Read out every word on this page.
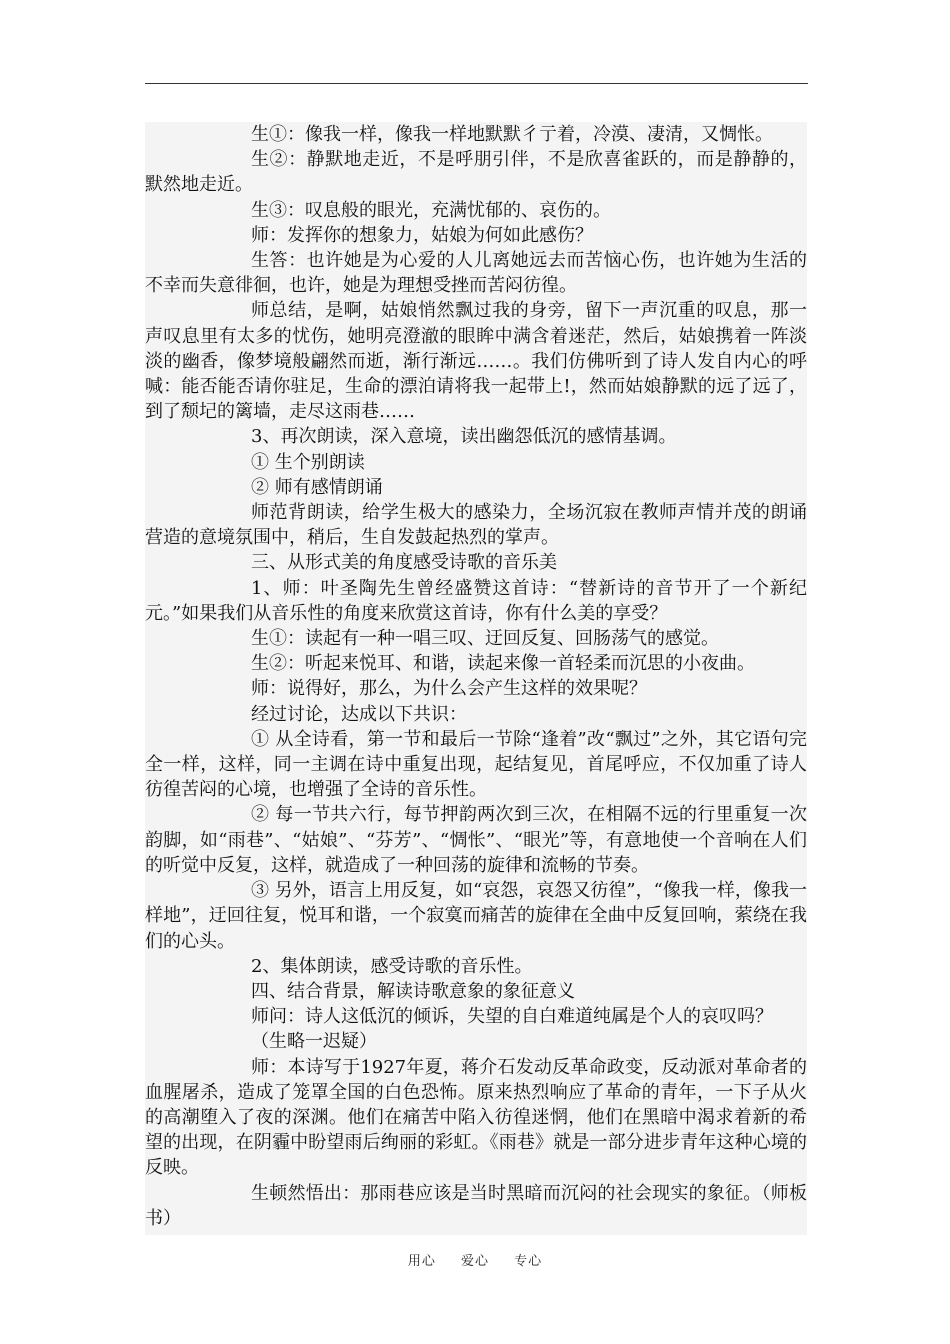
生①：像我一样，像我一样地默默彳亍着，冷漠、凄清，又惆怅。

生②：静默地走近，不是呼朋引伴，不是欣喜雀跃的，而是静静的，默然地走近。

生③：叹息般的眼光，充满忧郁的、哀伤的。

师：发挥你的想象力，姑娘为何如此感伤？

生答：也许她是为心爱的人儿离她远去而苦恼心伤，也许她为生活的不幸而失意徘徊，也许，她是为理想受挫而苦闷彷徨。

师总结，是啊，姑娘悄然飘过我的身旁，留下一声沉重的叹息，那一声叹息里有太多的忧伤，她明亮澄澈的眼眸中满含着迷茫，然后，姑娘携着一阵淡淡的幽香，像梦境般翩然而逝，渐行渐远……。我们仿佛听到了诗人发自内心的呼喊：能否能否请你驻足，生命的漂泊请将我一起带上!，然而姑娘静默的远了远了，到了颓圮的篱墙，走尽这雨巷……

3、再次朗读，深入意境，读出幽怨低沉的感情基调。

① 生个别朗读

② 师有感情朗诵

师范背朗读，给学生极大的感染力，全场沉寂在教师声情并茂的朗诵营造的意境氛围中，稍后，生自发鼓起热烈的掌声。

三、从形式美的角度感受诗歌的音乐美

1、师：叶圣陶先生曾经盛赞这首诗：“替新诗的音节开了一个新纪元。”如果我们从音乐性的角度来欣赏这首诗，你有什么美的享受？

生①：读起有一种一唱三叹、迂回反复、回肠荡气的感觉。

生②：听起来悦耳、和谐，读起来像一首轻柔而沉思的小夜曲。

师：说得好，那么，为什么会产生这样的效果呢？

经过讨论，达成以下共识：

① 从全诗看，第一节和最后一节除“逢着”改“飘过”之外，其它语句完全一样，这样，同一主调在诗中重复出现，起结复见，首尾呼应，不仅加重了诗人彷徨苦闷的心境，也增强了全诗的音乐性。

② 每一节共六行，每节押韵两次到三次，在相隔不远的行里重复一次韵脚，如“雨巷”、“姑娘”、“芬芳”、“惆怅”、“眼光”等，有意地使一个音响在人们的听觉中反复，这样，就造成了一种回荡的旋律和流畅的节奏。

③ 另外，语言上用反复，如“哀怨，哀怨又彷徨”，“像我一样，像我一样地”，迂回往复，悦耳和谐，一个寂寞而痛苦的旋律在全曲中反复回响，萦绕在我们的心头。

2、集体朗读，感受诗歌的音乐性。

四、结合背景，解读诗歌意象的象征意义

师问：诗人这低沉的倾诉，失望的自白难道纯属是个人的哀叹吗？

（生略一迟疑）

师：本诗写于1927年夏，蒋介石发动反革命政变，反动派对革命者的血腥屠杀，造成了笼罩全国的白色恐怖。原来热烈响应了革命的青年，一下子从火的高潮堕入了夜的深渊。他们在痛苦中陷入彷徨迷惘，他们在黑暗中渴求着新的希望的出现，在阴霾中盼望雨后绚丽的彩虹。《雨巷》就是一部分进步青年这种心境的反映。

生顿然悟出：那雨巷应该是当时黑暗而沉闷的社会现实的象征。（师板书）

用心 爱心 专心
